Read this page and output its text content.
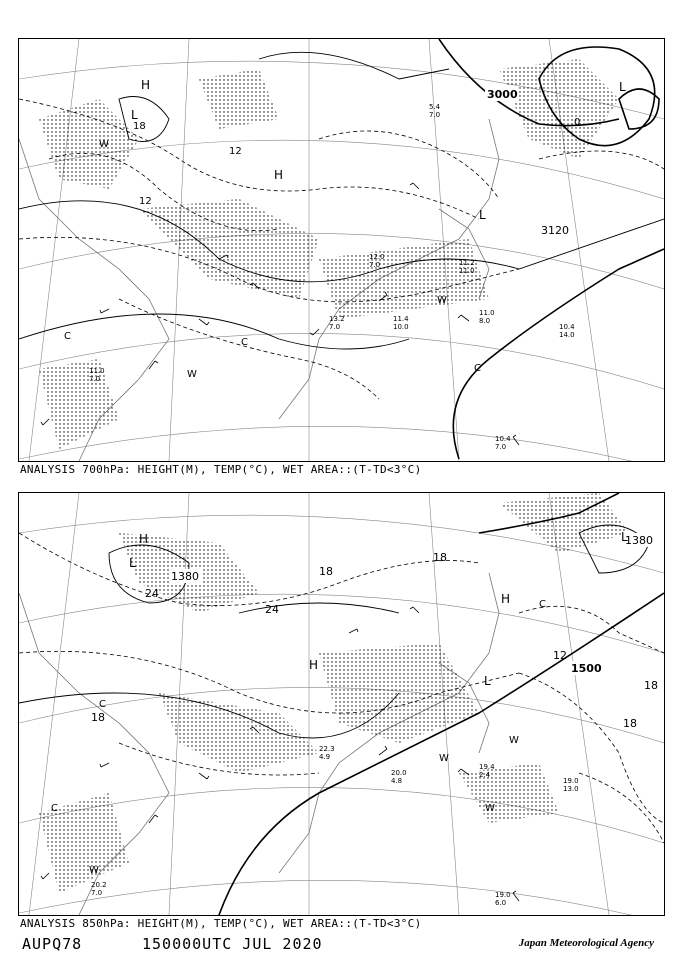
3000
3120
L
H
L
H
L
C
C
C
W
W
W
18
12
12
0
11.0 8.0
10.4 7.0
11.2 11.0
12.0 7.0
5.4 7.0
11.4 10.0
13.2 7.0
11.0 7.0
10.4 14.0
ANALYSIS 700hPa: HEIGHT(M), TEMP(°C), WET AREA::(T-TD<3°C)
1380
1500
1380
L
H
H
L
H
L
C
C
C
W
W
W
W
24
24
18
18
18	18
12
18
19.0 6.0
19.0 13.0
20.0 4.8
19.4 2.4
20.2 7.0
22.3 4.9
ANALYSIS 850hPa: HEIGHT(M), TEMP(°C), WET AREA::(T-TD<3°C)
AUPQ78	150000UTC JUL 2020	Japan Meteorological Agency
